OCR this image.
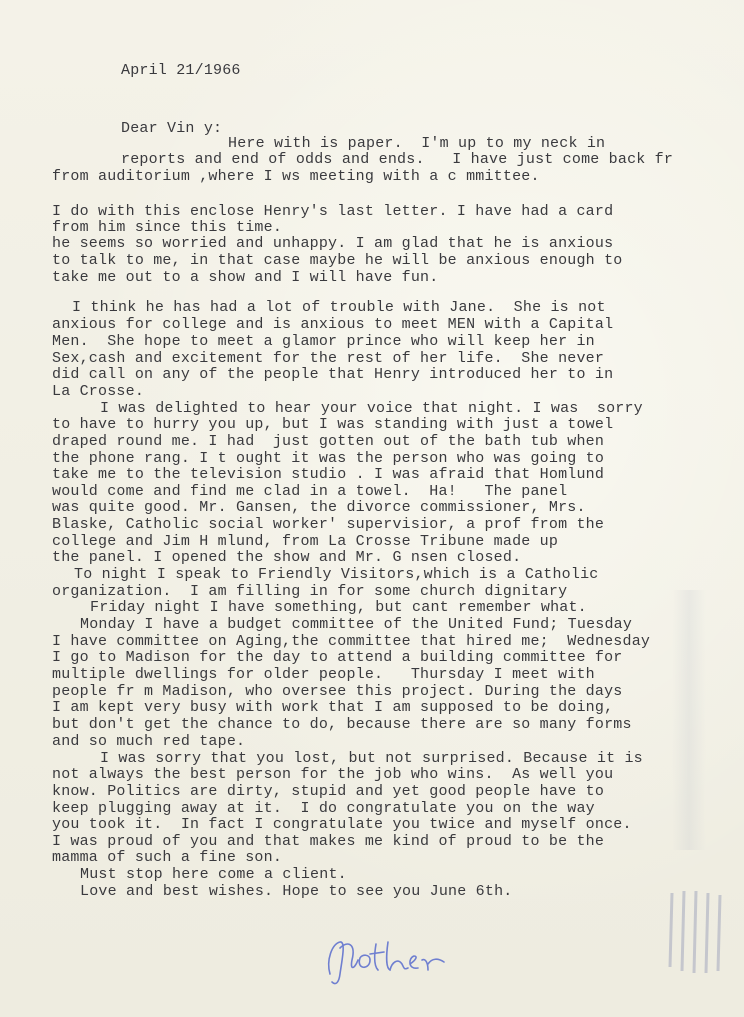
April 21/1966
Dear Vin y:
Here with is paper.  I'm up to my neck in
reports and end of odds and ends.   I have just come back fr
from auditorium ,where I ws meeting with a c mmittee.
I do with this enclose Henry's last letter. I have had a card
from him since this time.
he seems so worried and unhappy. I am glad that he is anxious
to talk to me, in that case maybe he will be anxious enough to
take me out to a show and I will have fun.
I think he has had a lot of trouble with Jane.  She is not
anxious for college and is anxious to meet MEN with a Capital
Men.  She hope to meet a glamor prince who will keep her in
Sex,cash and excitement for the rest of her life.  She never
did call on any of the people that Henry introduced her to in
La Crosse.
I was delighted to hear your voice that night. I was  sorry
to have to hurry you up, but I was standing with just a towel
draped round me. I had  just gotten out of the bath tub when
the phone rang. I t ought it was the person who was going to
take me to the television studio . I was afraid that Homlund
would come and find me clad in a towel.  Ha!   The panel
was quite good. Mr. Gansen, the divorce commissioner, Mrs.
Blaske, Catholic social worker' supervisior, a prof from the
college and Jim H mlund, from La Crosse Tribune made up
the panel. I opened the show and Mr. G nsen closed.
To night I speak to Friendly Visitors,which is a Catholic
organization.  I am filling in for some church dignitary
Friday night I have something, but cant remember what.
Monday I have a budget committee of the United Fund; Tuesday
I have committee on Aging,the committee that hired me;  Wednesday
I go to Madison for the day to attend a building committee for
multiple dwellings for older people.   Thursday I meet with
people fr m Madison, who oversee this project. During the days
I am kept very busy with work that I am supposed to be doing,
but don't get the chance to do, because there are so many forms
and so much red tape.
I was sorry that you lost, but not surprised. Because it is
not always the best person for the job who wins.  As well you
know. Politics are dirty, stupid and yet good people have to
keep plugging away at it.  I do congratulate you on the way
you took it.  In fact I congratulate you twice and myself once.
I was proud of you and that makes me kind of proud to be the
mamma of such a fine son.
Must stop here come a client.
Love and best wishes. Hope to see you June 6th.
